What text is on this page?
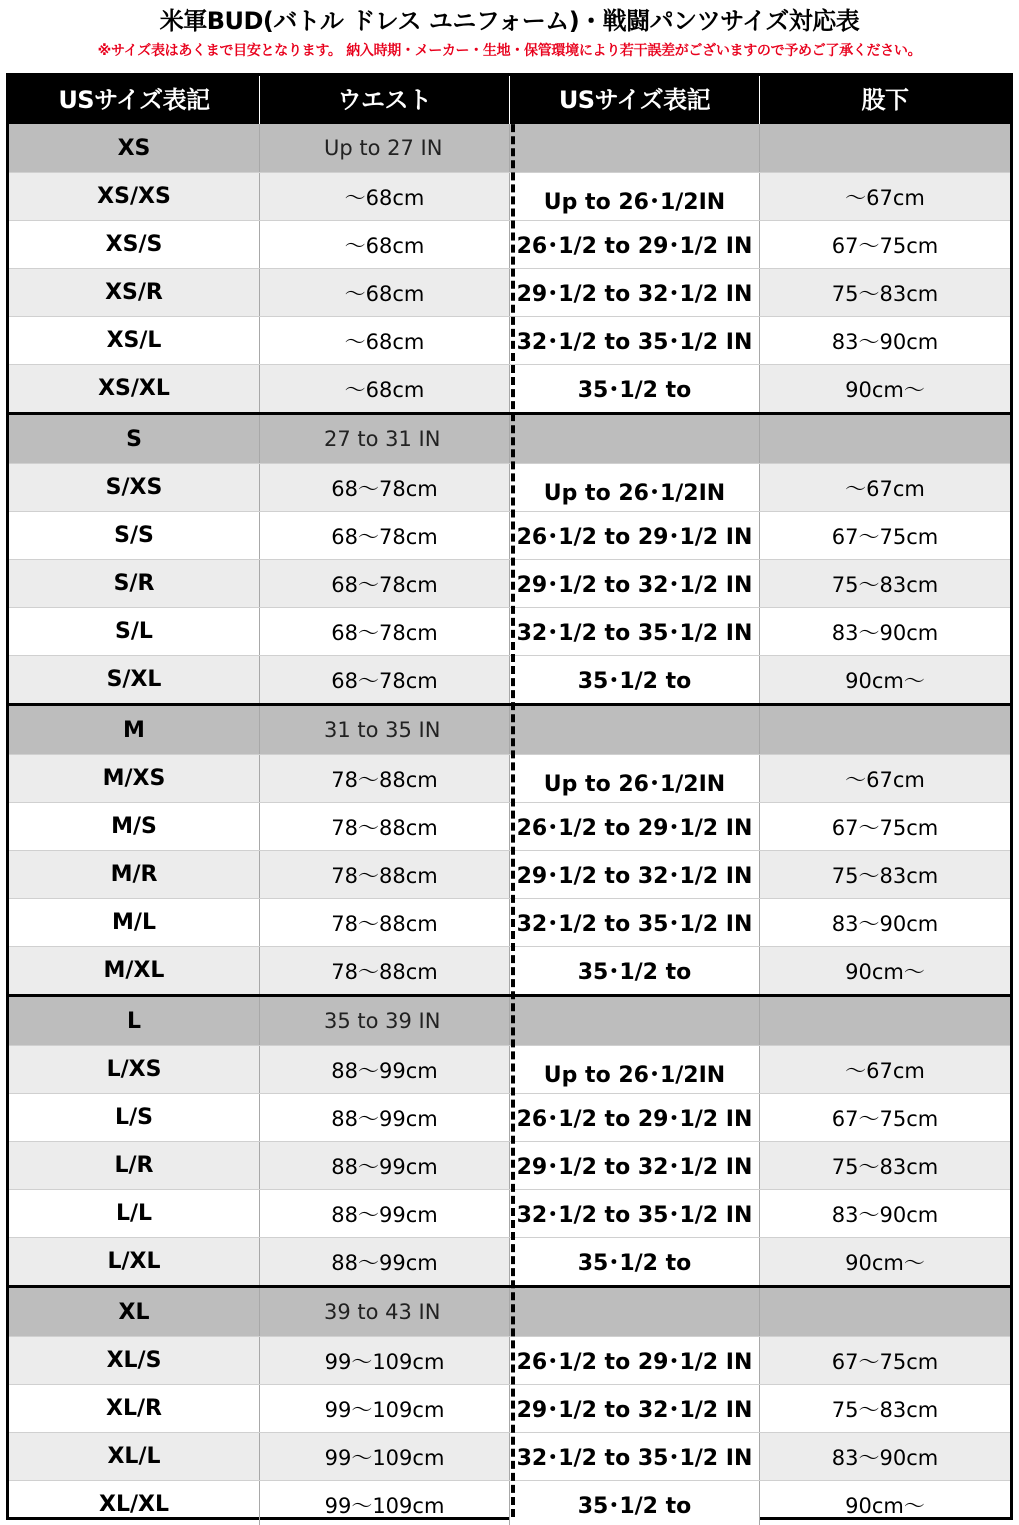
米軍BUD(バトル ドレス ユニフォーム)・戦闘パンツサイズ対応表
※サイズ表はあくまで目安となります。 納入時期・メーカー・生地・保管環境により若干誤差がございますので予めご了承ください。
USサイズ表記	ウエスト	USサイズ表記	股下
XS	Up to 27 IN
XS/XS	～68cm	Up to 26･1/2IN	～67cm
XS/S	～68cm	26･1/2 to 29･1/2 IN	67～75cm
XS/R	～68cm	29･1/2 to 32･1/2 IN	75～83cm
XS/L	～68cm	32･1/2 to 35･1/2 IN	83～90cm
XS/XL	～68cm	35･1/2 to	90cm～
S	27 to 31 IN
S/XS	68～78cm	Up to 26･1/2IN	～67cm
S/S	68～78cm	26･1/2 to 29･1/2 IN	67～75cm
S/R	68～78cm	29･1/2 to 32･1/2 IN	75～83cm
S/L	68～78cm	32･1/2 to 35･1/2 IN	83～90cm
S/XL	68～78cm	35･1/2 to	90cm～
M	31 to 35 IN
M/XS	78～88cm	Up to 26･1/2IN	～67cm
M/S	78～88cm	26･1/2 to 29･1/2 IN	67～75cm
M/R	78～88cm	29･1/2 to 32･1/2 IN	75～83cm
M/L	78～88cm	32･1/2 to 35･1/2 IN	83～90cm
M/XL	78～88cm	35･1/2 to	90cm～
L	35 to 39 IN
L/XS	88～99cm	Up to 26･1/2IN	～67cm
L/S	88～99cm	26･1/2 to 29･1/2 IN	67～75cm
L/R	88～99cm	29･1/2 to 32･1/2 IN	75～83cm
L/L	88～99cm	32･1/2 to 35･1/2 IN	83～90cm
L/XL	88～99cm	35･1/2 to	90cm～
XL	39 to 43 IN
XL/S	99～109cm	26･1/2 to 29･1/2 IN	67～75cm
XL/R	99～109cm	29･1/2 to 32･1/2 IN	75～83cm
XL/L	99～109cm	32･1/2 to 35･1/2 IN	83～90cm
XL/XL	99～109cm	35･1/2 to	90cm～
